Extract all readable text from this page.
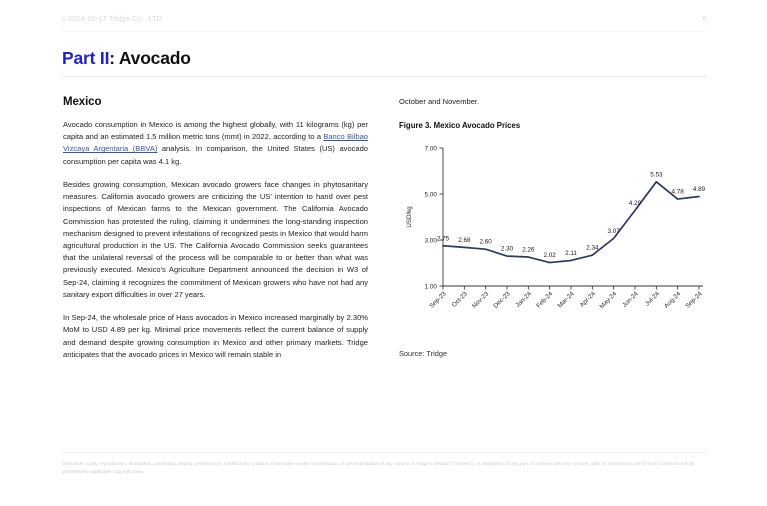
c 2024-10-17 Tridge Co., LTD	6
Part II: Avocado
Mexico

Avocado consumption in Mexico is among the highest globally, with 11 kilograms (kg) per capita and an estimated 1.5 million metric tons (mmt) in 2022, according to a Banco Bilbao Vizcaya Argentaria (BBVA) analysis. In comparison, the United States (US) avocado consumption per capita was 4.1 kg.

Besides growing consumption, Mexican avocado growers face changes in phytosanitary measures. California avocado growers are criticizing the US' intention to hand over pest inspections of Mexican farms to the Mexican government. The California Avocado Commission has protested the ruling, claiming it undermines the long-standing inspection mechanism designed to prevent infestations of recognized pests in Mexico that would harm agricultural production in the US. The California Avocado Commission seeks guarantees that the unilateral reversal of the process will be comparable to or better than what was previously executed. Mexico's Agriculture Department announced the decision in W3 of Sep-24, claiming it recognizes the commitment of Mexican growers who have not had any sanitary export difficulties in over 27 years.

In Sep-24, the wholesale price of Hass avocados in Mexico increased marginally by 2.30% MoM to USD 4.89 per kg. Minimal price movements reflect the current balance of supply and demand despite growing consumption in Mexico and other primary markets. Tridge anticipates that the avocado prices in Mexico will remain stable in

October and November.

Figure 3. Mexico Avocado Prices

1.00
3.00
5.00
7.00
USD/kg
Sep-23 Oct-23 Nov-23 Dec-23 Jan-24 Feb-24 Mar-24 Apr-24 May-24 Jun-24 Jul-24 Aug-24 Sep-24
2.75 2.68 2.60
2.30 2.26
2.02 2.11
2.34
3.07
4.29
5.53
4.78 4.89

Source: Tridge

Disclaimer: Copy, reproduction, distribution, publishing, display, performance, modification, creation of derivative works, transmission, or any exploitation of any content in Tridge's website ("Content"), or distribution of any part of Content over any network, sale, or commercial use of such Content is strictly prohibited by applicable copyright laws.
